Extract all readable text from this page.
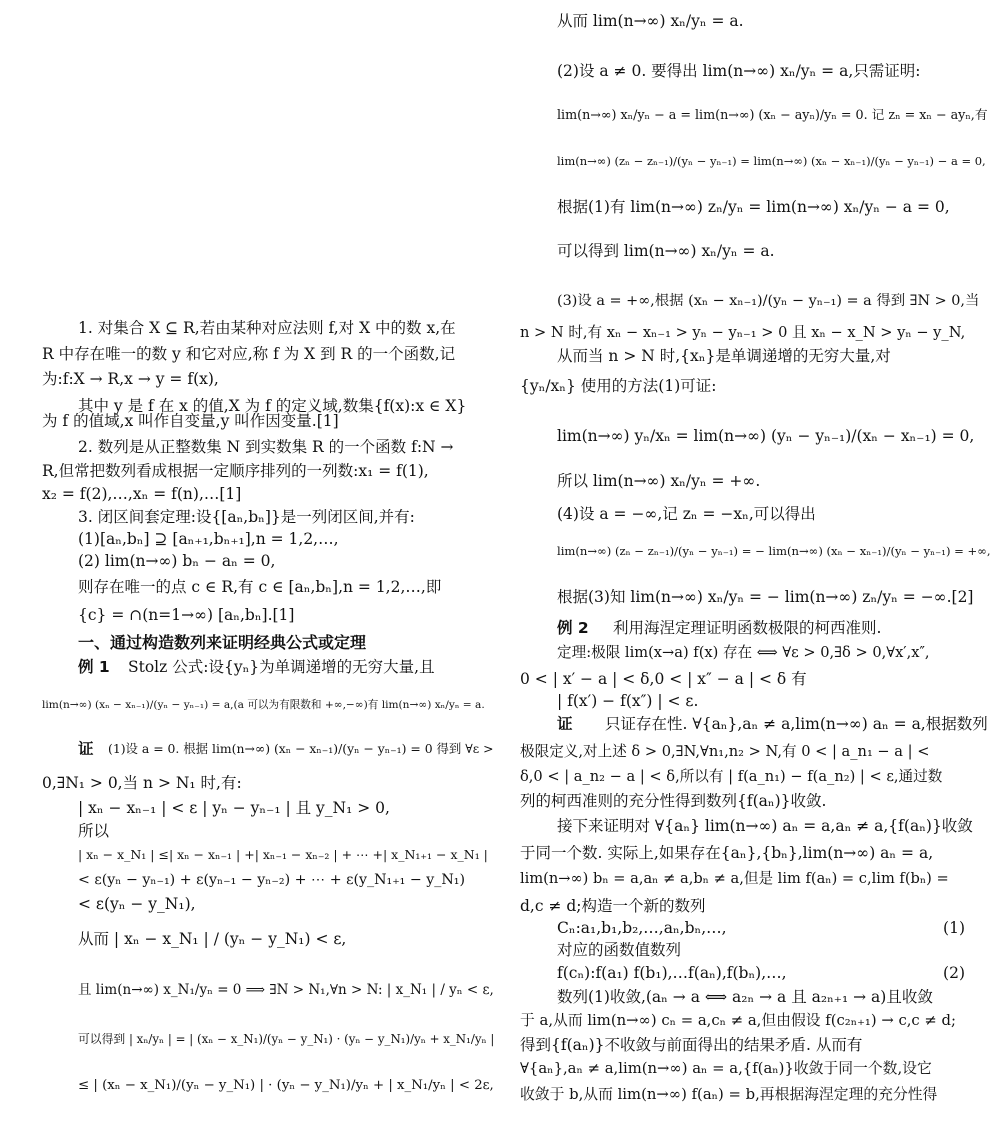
1. 对集合 X ⊆ R,若由某种对应法则 f,对 X 中的数 x,在
R 中存在唯一的数 y 和它对应,称 f 为 X 到 R 的一个函数,记
为:f:X → R,x → y = f(x),
其中 y 是 f 在 x 的值,X 为 f 的定义域,数集{f(x):x ∈ X}
为 f 的值域,x 叫作自变量,y 叫作因变量.[1]
2. 数列是从正整数集 N 到实数集 R 的一个函数 f:N →
R,但常把数列看成根据一定顺序排列的一列数:x₁ = f(1),
x₂ = f(2),…,xₙ = f(n),…[1]
3. 闭区间套定理:设{[aₙ,bₙ]}是一列闭区间,并有:
(1)[aₙ,bₙ] ⊇ [aₙ₊₁,bₙ₊₁],n = 1,2,…,
(2) lim(n→∞) bₙ − aₙ = 0,
则存在唯一的点 c ∈ R,有 c ∈ [aₙ,bₙ],n = 1,2,…,即
{c} = ∩(n=1→∞) [aₙ,bₙ].[1]
一、通过构造数列来证明经典公式或定理
例 1 Stolz 公式:设{yₙ}为单调递增的无穷大量,且
lim(n→∞) (xₙ − xₙ₋₁)/(yₙ − yₙ₋₁) = a,(a 可以为有限数和 +∞,−∞)有 lim(n→∞) xₙ/yₙ = a.
证 (1)设 a = 0. 根据 lim(n→∞) (xₙ − xₙ₋₁)/(yₙ − yₙ₋₁) = 0 得到 ∀ε >
0,∃N₁ > 0,当 n > N₁ 时,有:
| xₙ − xₙ₋₁ | < ε | yₙ − yₙ₋₁ | 且 y_N₁ > 0,
所以
| xₙ − x_N₁ | ≤| xₙ − xₙ₋₁ | +| xₙ₋₁ − xₙ₋₂ | + ⋯ +| x_N₁₊₁ − x_N₁ |
< ε(yₙ − yₙ₋₁) + ε(yₙ₋₁ − yₙ₋₂) + ⋯ + ε(y_N₁₊₁ − y_N₁)
< ε(yₙ − y_N₁),
从而 | xₙ − x_N₁ | / (yₙ − y_N₁) < ε,
且 lim(n→∞) x_N₁/yₙ = 0 ⟹ ∃N > N₁,∀n > N: | x_N₁ | / yₙ < ε,
可以得到 | xₙ/yₙ | = | (xₙ − x_N₁)/(yₙ − y_N₁) · (yₙ − y_N₁)/yₙ + x_N₁/yₙ |
≤ | (xₙ − x_N₁)/(yₙ − y_N₁) | · (yₙ − y_N₁)/yₙ + | x_N₁/yₙ | < 2ε,
从而 lim(n→∞) xₙ/yₙ = a.
(2)设 a ≠ 0. 要得出 lim(n→∞) xₙ/yₙ = a,只需证明:
lim(n→∞) xₙ/yₙ − a = lim(n→∞) (xₙ − ayₙ)/yₙ = 0. 记 zₙ = xₙ − ayₙ,有
lim(n→∞) (zₙ − zₙ₋₁)/(yₙ − yₙ₋₁) = lim(n→∞) (xₙ − xₙ₋₁)/(yₙ − yₙ₋₁) − a = 0,
根据(1)有 lim(n→∞) zₙ/yₙ = lim(n→∞) xₙ/yₙ − a = 0,
可以得到 lim(n→∞) xₙ/yₙ = a.
(3)设 a = +∞,根据 (xₙ − xₙ₋₁)/(yₙ − yₙ₋₁) = a 得到 ∃N > 0,当
n > N 时,有 xₙ − xₙ₋₁ > yₙ − yₙ₋₁ > 0 且 xₙ − x_N > yₙ − y_N,
从而当 n > N 时,{xₙ}是单调递增的无穷大量,对
{yₙ/xₙ} 使用的方法(1)可证:
lim(n→∞) yₙ/xₙ = lim(n→∞) (yₙ − yₙ₋₁)/(xₙ − xₙ₋₁) = 0,
所以 lim(n→∞) xₙ/yₙ = +∞.
(4)设 a = −∞,记 zₙ = −xₙ,可以得出
lim(n→∞) (zₙ − zₙ₋₁)/(yₙ − yₙ₋₁) = − lim(n→∞) (xₙ − xₙ₋₁)/(yₙ − yₙ₋₁) = +∞,
根据(3)知 lim(n→∞) xₙ/yₙ = − lim(n→∞) zₙ/yₙ = −∞.[2]
例 2 利用海涅定理证明函数极限的柯西准则.
定理:极限 lim(x→a) f(x) 存在 ⟺ ∀ε > 0,∃δ > 0,∀x′,x″,
0 < | x′ − a | < δ,0 < | x″ − a | < δ 有
| f(x′) − f(x″) | < ε.
证 只证存在性. ∀{aₙ},aₙ ≠ a,lim(n→∞) aₙ = a,根据数列
极限定义,对上述 δ > 0,∃N,∀n₁,n₂ > N,有 0 < | a_n₁ − a | <
δ,0 < | a_n₂ − a | < δ,所以有 | f(a_n₁) − f(a_n₂) | < ε,通过数
列的柯西准则的充分性得到数列{f(aₙ)}收敛.
接下来证明对 ∀{aₙ} lim(n→∞) aₙ = a,aₙ ≠ a,{f(aₙ)}收敛
于同一个数. 实际上,如果存在{aₙ},{bₙ},lim(n→∞) aₙ = a,
lim(n→∞) bₙ = a,aₙ ≠ a,bₙ ≠ a,但是 lim f(aₙ) = c,lim f(bₙ) =
d,c ≠ d;构造一个新的数列
Cₙ:a₁,b₁,b₂,…,aₙ,bₙ,…,	(1)
对应的函数值数列
f(cₙ):f(a₁) f(b₁),…f(aₙ),f(bₙ),…,	(2)
数列(1)收敛,(aₙ → a ⟺ a₂ₙ → a 且 a₂ₙ₊₁ → a)且收敛
于 a,从而 lim(n→∞) cₙ = a,cₙ ≠ a,但由假设 f(c₂ₙ₊₁) → c,c ≠ d;
得到{f(aₙ)}不收敛与前面得出的结果矛盾. 从而有
∀{aₙ},aₙ ≠ a,lim(n→∞) aₙ = a,{f(aₙ)}收敛于同一个数,设它
收敛于 b,从而 lim(n→∞) f(aₙ) = b,再根据海涅定理的充分性得
